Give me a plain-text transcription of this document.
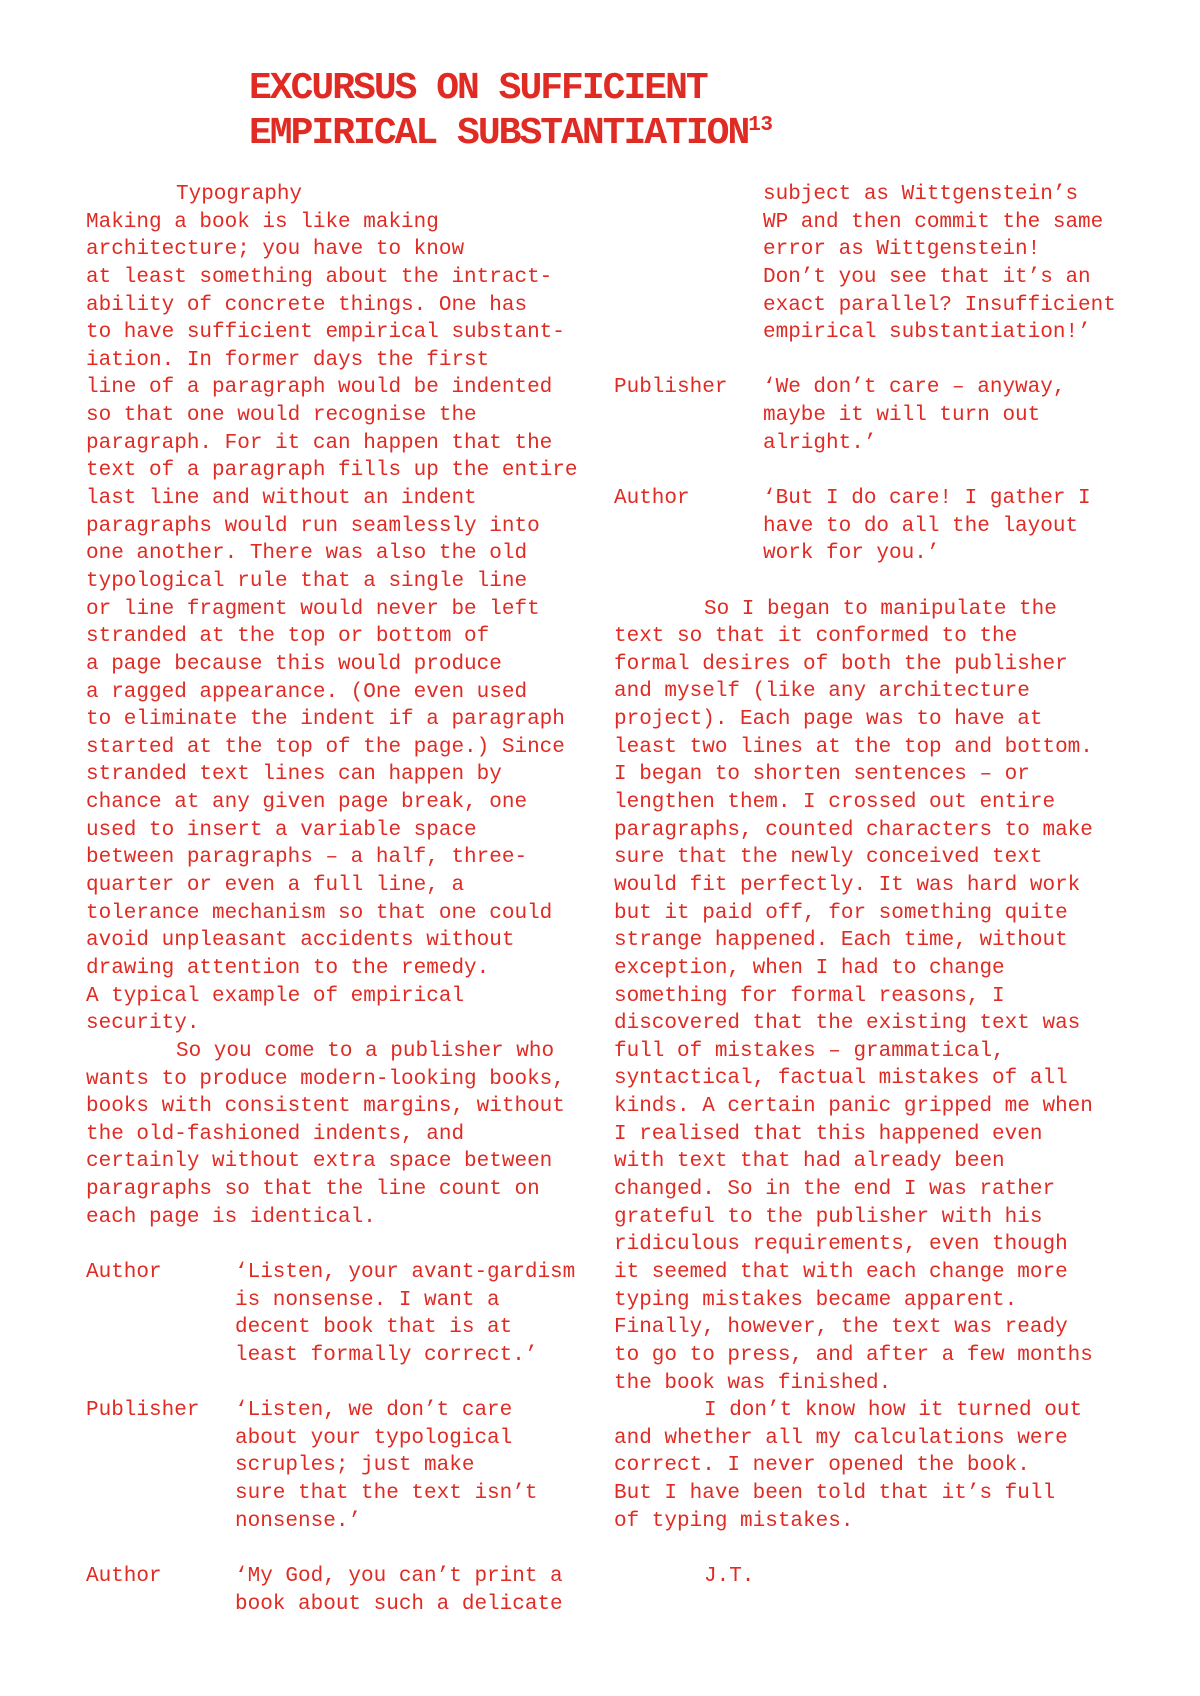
EXCURSUS ON SUFFICIENT
EMPIRICAL SUBSTANTIATION$^{13}$
Typography
Making a book is like making
architecture; you have to know
at least something about the intract-
ability of concrete things. One has
to have sufficient empirical substant-
iation. In former days the first
line of a paragraph would be indented
so that one would recognise the
paragraph. For it can happen that the
text of a paragraph fills up the entire
last line and without an indent
paragraphs would run seamlessly into
one another. There was also the old
typological rule that a single line
or line fragment would never be left
stranded at the top or bottom of
a page because this would produce
a ragged appearance. (One even used
to eliminate the indent if a paragraph
started at the top of the page.) Since
stranded text lines can happen by
chance at any given page break, one
used to insert a variable space
between paragraphs – a half, three-
quarter or even a full line, a
tolerance mechanism so that one could
avoid unpleasant accidents without
drawing attention to the remedy.
A typical example of empirical
security.
So you come to a publisher who
wants to produce modern-looking books,
books with consistent margins, without
the old-fashioned indents, and
certainly without extra space between
paragraphs so that the line count on
each page is identical.
Author	‘Listen, your avant-gardism
is nonsense. I want a
decent book that is at
least formally correct.’
Publisher	‘Listen, we don’t care
about your typological
scruples; just make
sure that the text isn’t
nonsense.’
Author	‘My God, you can’t print a
book about such a delicate
subject as Wittgenstein’s
WP and then commit the same
error as Wittgenstein!
Don’t you see that it’s an
exact parallel? Insufficient
empirical substantiation!’
Publisher	‘We don’t care – anyway,
maybe it will turn out
alright.’
Author	‘But I do care! I gather I
have to do all the layout
work for you.’
So I began to manipulate the
text so that it conformed to the
formal desires of both the publisher
and myself (like any architecture
project). Each page was to have at
least two lines at the top and bottom.
I began to shorten sentences – or
lengthen them. I crossed out entire
paragraphs, counted characters to make
sure that the newly conceived text
would fit perfectly. It was hard work
but it paid off, for something quite
strange happened. Each time, without
exception, when I had to change
something for formal reasons, I
discovered that the existing text was
full of mistakes – grammatical,
syntactical, factual mistakes of all
kinds. A certain panic gripped me when
I realised that this happened even
with text that had already been
changed. So in the end I was rather
grateful to the publisher with his
ridiculous requirements, even though
it seemed that with each change more
typing mistakes became apparent.
Finally, however, the text was ready
to go to press, and after a few months
the book was finished.
I don’t know how it turned out
and whether all my calculations were
correct. I never opened the book.
But I have been told that it’s full
of typing mistakes.
J.T.
